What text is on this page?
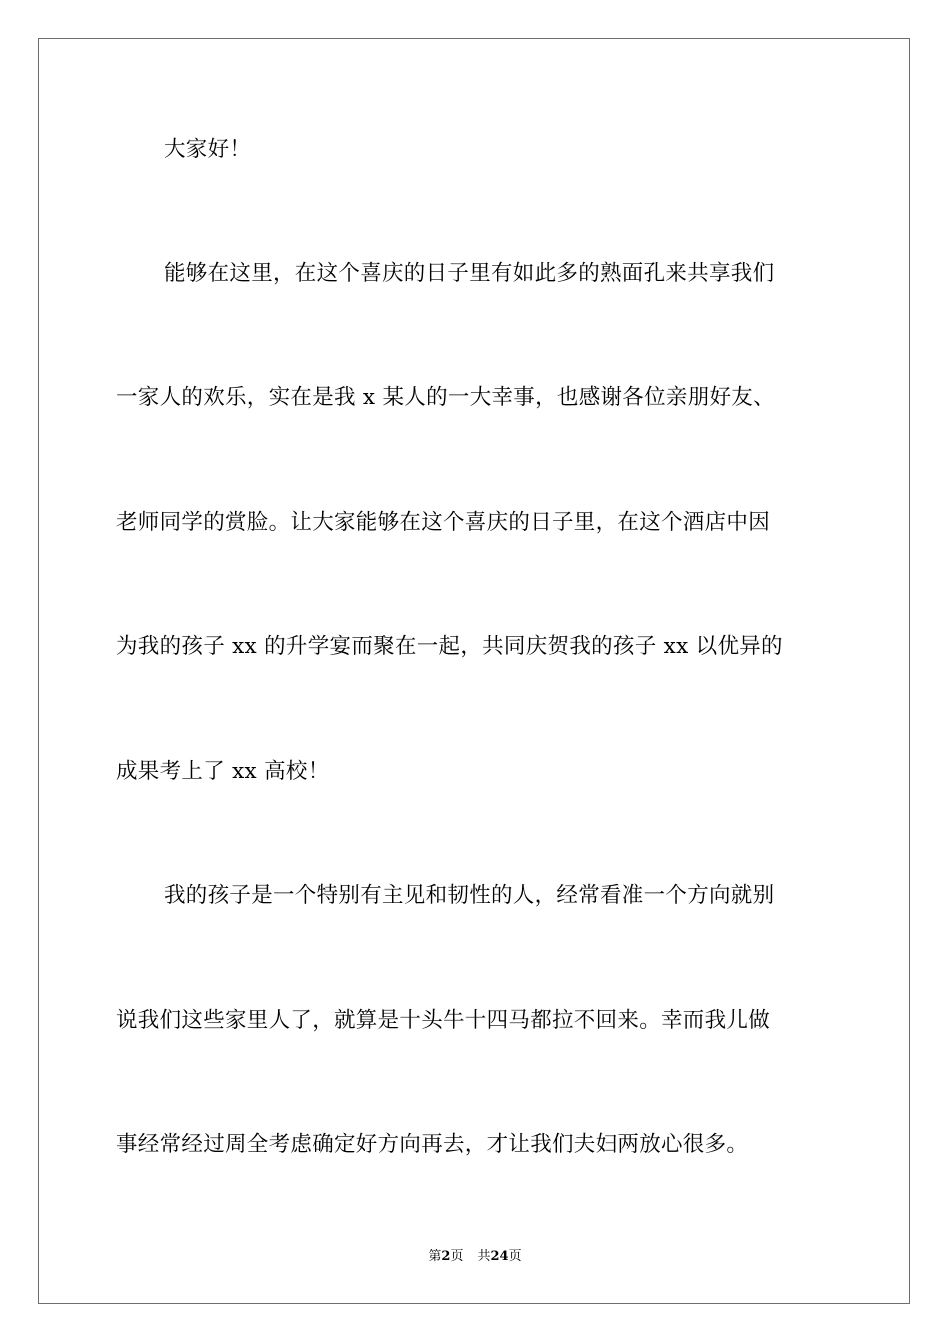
大家好！
能够在这里，在这个喜庆的日子里有如此多的熟面孔来共享我们
一家人的欢乐，实在是我 x 某人的一大幸事，也感谢各位亲朋好友、
老师同学的赏脸。让大家能够在这个喜庆的日子里，在这个酒店中因
为我的孩子 xx 的升学宴而聚在一起，共同庆贺我的孩子 xx 以优异的
成果考上了 xx 高校！
我的孩子是一个特别有主见和韧性的人，经常看准一个方向就别
说我们这些家里人了，就算是十头牛十四马都拉不回来。幸而我儿做
事经常经过周全考虑确定好方向再去，才让我们夫妇两放心很多。
第2页 共24页
